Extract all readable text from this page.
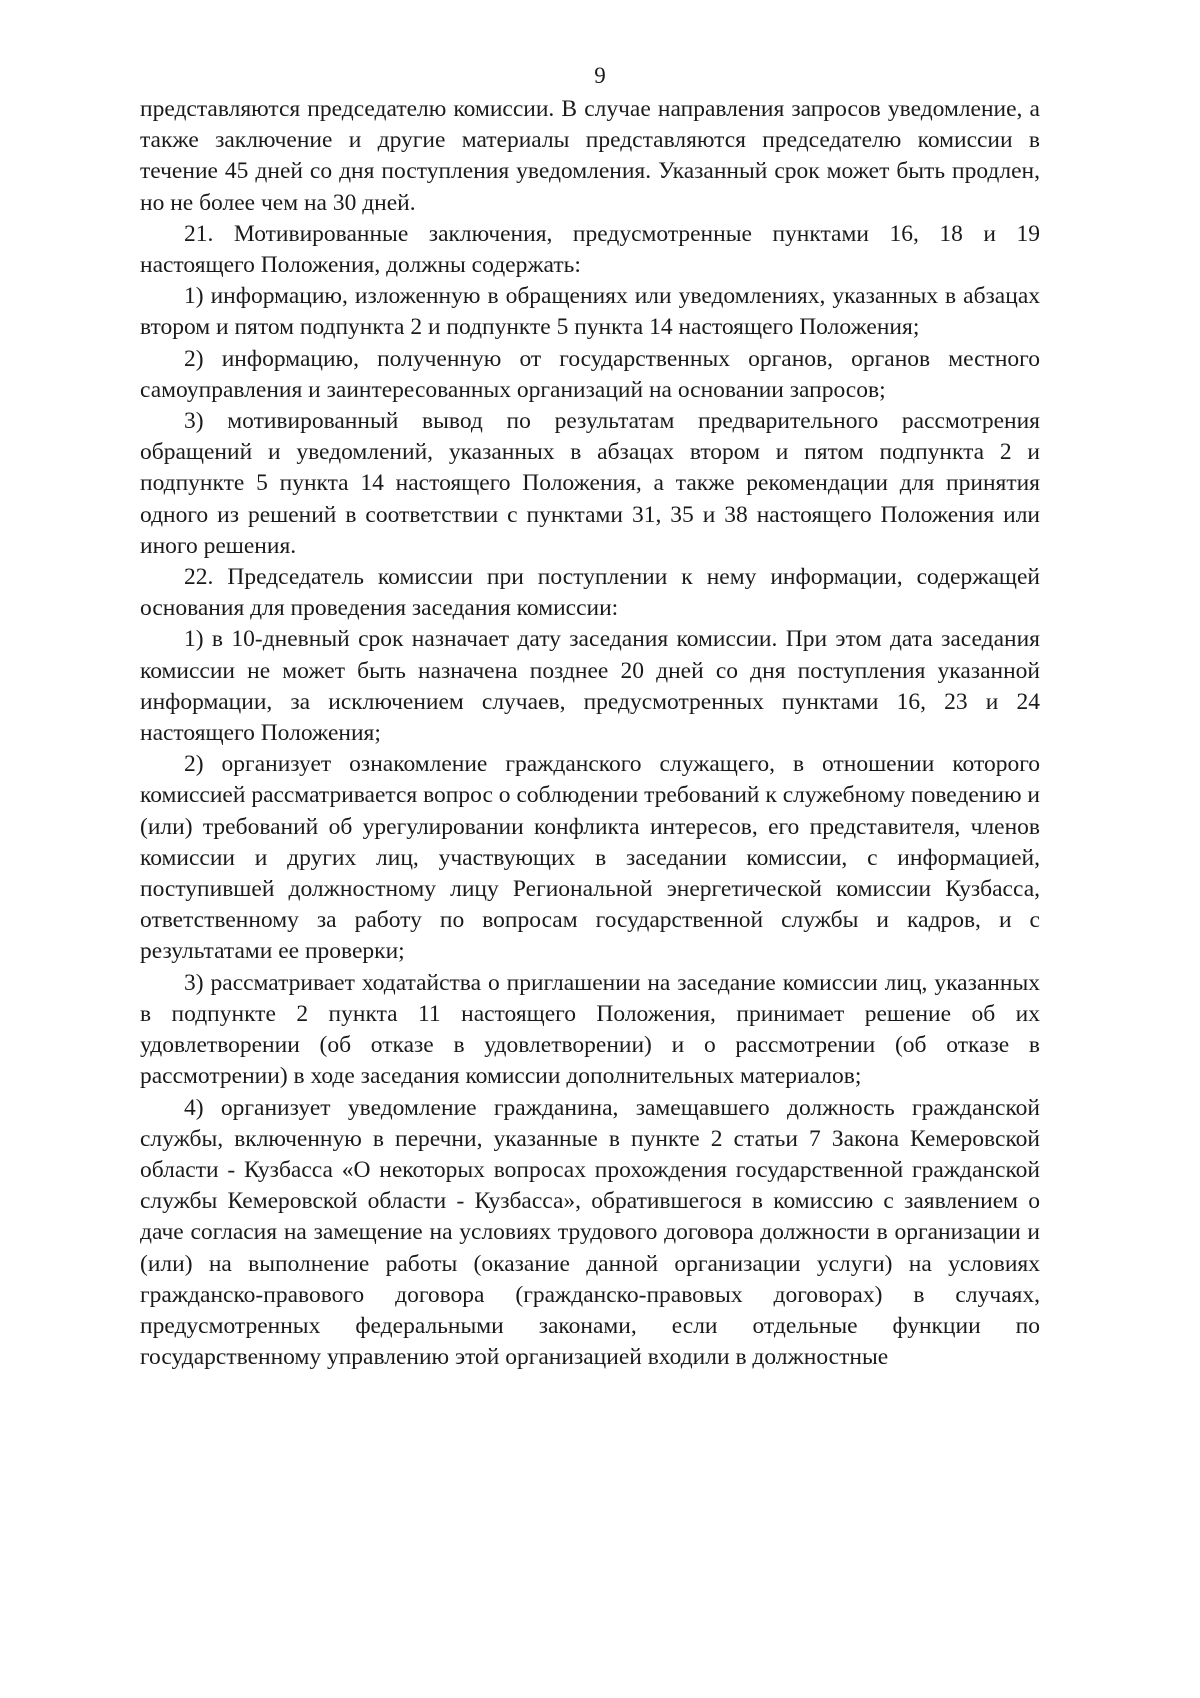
9

представляются председателю комиссии. В случае направления запросов уведомление, а также заключение и другие материалы представляются председателю комиссии в течение 45 дней со дня поступления уведомления. Указанный срок может быть продлен, но не более чем на 30 дней.

21. Мотивированные заключения, предусмотренные пунктами 16, 18 и 19 настоящего Положения, должны содержать:

1) информацию, изложенную в обращениях или уведомлениях, указанных в абзацах втором и пятом подпункта 2 и подпункте 5 пункта 14 настоящего Положения;

2) информацию, полученную от государственных органов, органов местного самоуправления и заинтересованных организаций на основании запросов;

3) мотивированный вывод по результатам предварительного рассмотрения обращений и уведомлений, указанных в абзацах втором и пятом подпункта 2 и подпункте 5 пункта 14 настоящего Положения, а также рекомендации для принятия одного из решений в соответствии с пунктами 31, 35 и 38 настоящего Положения или иного решения.

22. Председатель комиссии при поступлении к нему информации, содержащей основания для проведения заседания комиссии:

1) в 10-дневный срок назначает дату заседания комиссии. При этом дата заседания комиссии не может быть назначена позднее 20 дней со дня поступления указанной информации, за исключением случаев, предусмотренных пунктами 16, 23 и 24 настоящего Положения;

2) организует ознакомление гражданского служащего, в отношении которого комиссией рассматривается вопрос о соблюдении требований к служебному поведению и (или) требований об урегулировании конфликта интересов, его представителя, членов комиссии и других лиц, участвующих в заседании комиссии, с информацией, поступившей должностному лицу Региональной энергетической комиссии Кузбасса, ответственному за работу по вопросам государственной службы и кадров, и с результатами ее проверки;

3) рассматривает ходатайства о приглашении на заседание комиссии лиц, указанных в подпункте 2 пункта 11 настоящего Положения, принимает решение об их удовлетворении (об отказе в удовлетворении) и о рассмотрении (об отказе в рассмотрении) в ходе заседания комиссии дополнительных материалов;

4) организует уведомление гражданина, замещавшего должность гражданской службы, включенную в перечни, указанные в пункте 2 статьи 7 Закона Кемеровской области - Кузбасса «О некоторых вопросах прохождения государственной гражданской службы Кемеровской области - Кузбасса», обратившегося в комиссию с заявлением о даче согласия на замещение на условиях трудового договора должности в организации и (или) на выполнение работы (оказание данной организации услуги) на условиях гражданско-правового договора (гражданско-правовых договорах) в случаях, предусмотренных федеральными законами, если отдельные функции по государственному управлению этой организацией входили в должностные
